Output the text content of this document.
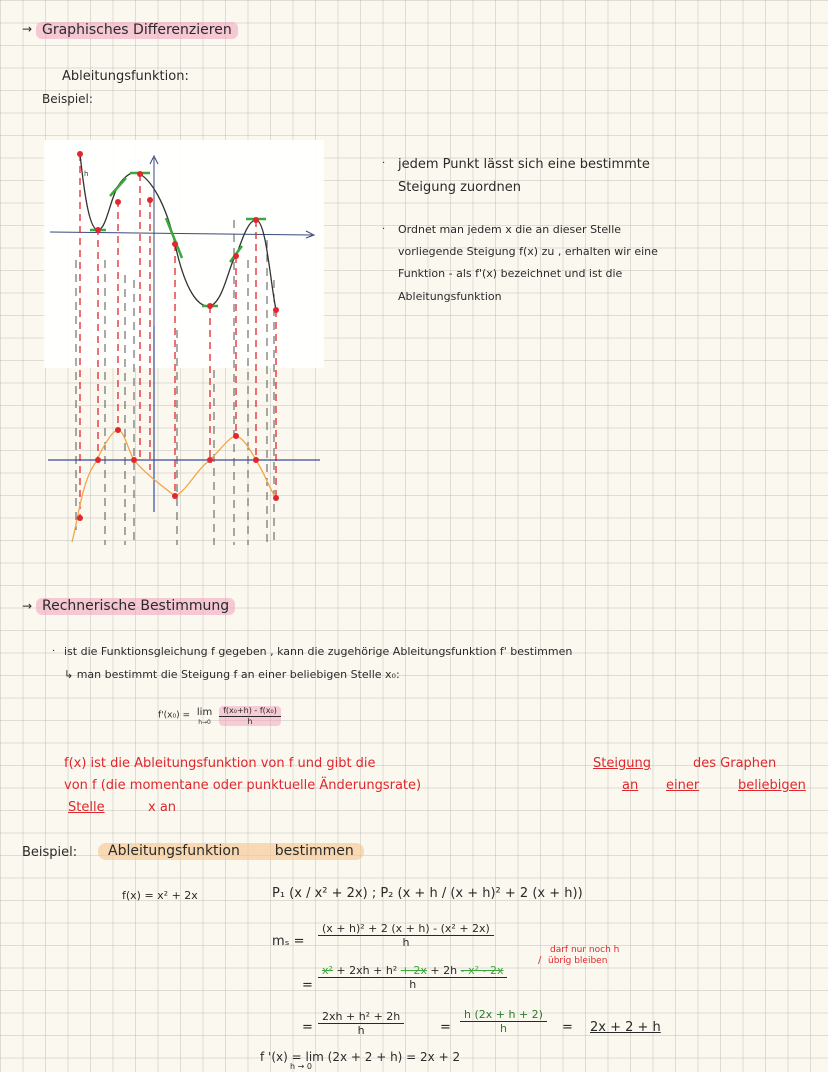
→ Graphisches Differenzieren
Ableitungsfunktion:
Beispiel:
h
· jedem Punkt lässt sich eine bestimmte
Steigung zuordnen
· Ordnet man jedem x die an dieser Stelle
vorliegende Steigung f(x) zu , erhalten wir eine
Funktion - als f'(x) bezeichnet und ist die
Ableitungsfunktion
→ Rechnerische Bestimmung
· ist die Funktionsgleichung f gegeben , kann die zugehörige Ableitungsfunktion f' bestimmen
↳ man bestimmt die Steigung f an einer beliebigen Stelle x₀:
f'(x₀) = lim
h→0
$\frac{\text{f(x₀+h) - f(x₀)}}{h}$
f(x) ist die Ableitungsfunktion von f und gibt die	Steigung	des Graphen
von f (die momentane oder punktuelle Änderungsrate)	an einer	beliebigen
Stelle	x an
Beispiel:	Ableitungsfunktion bestimmen
f(x) = x² + 2x	P₁ (x / x² + 2x) ; P₂ (x + h / (x + h)² + 2 (x + h))
$m_s = \frac{\text{(x + h)² + 2 (x + h) - (x² + 2x)}}{h}$
= $\frac{\text{x² + 2xh + h² + 2x + 2h - x² - 2x}}{h}$
/
darf nur noch h
übrig bleiben
= $\frac{\text{2xh + h² + 2h}}{h}$	= $\frac{h (2x + h + 2)}{h} = 2x + 2 + h$
f '(x) = lim (2x + 2 + h) = 2x + 2
h → 0
